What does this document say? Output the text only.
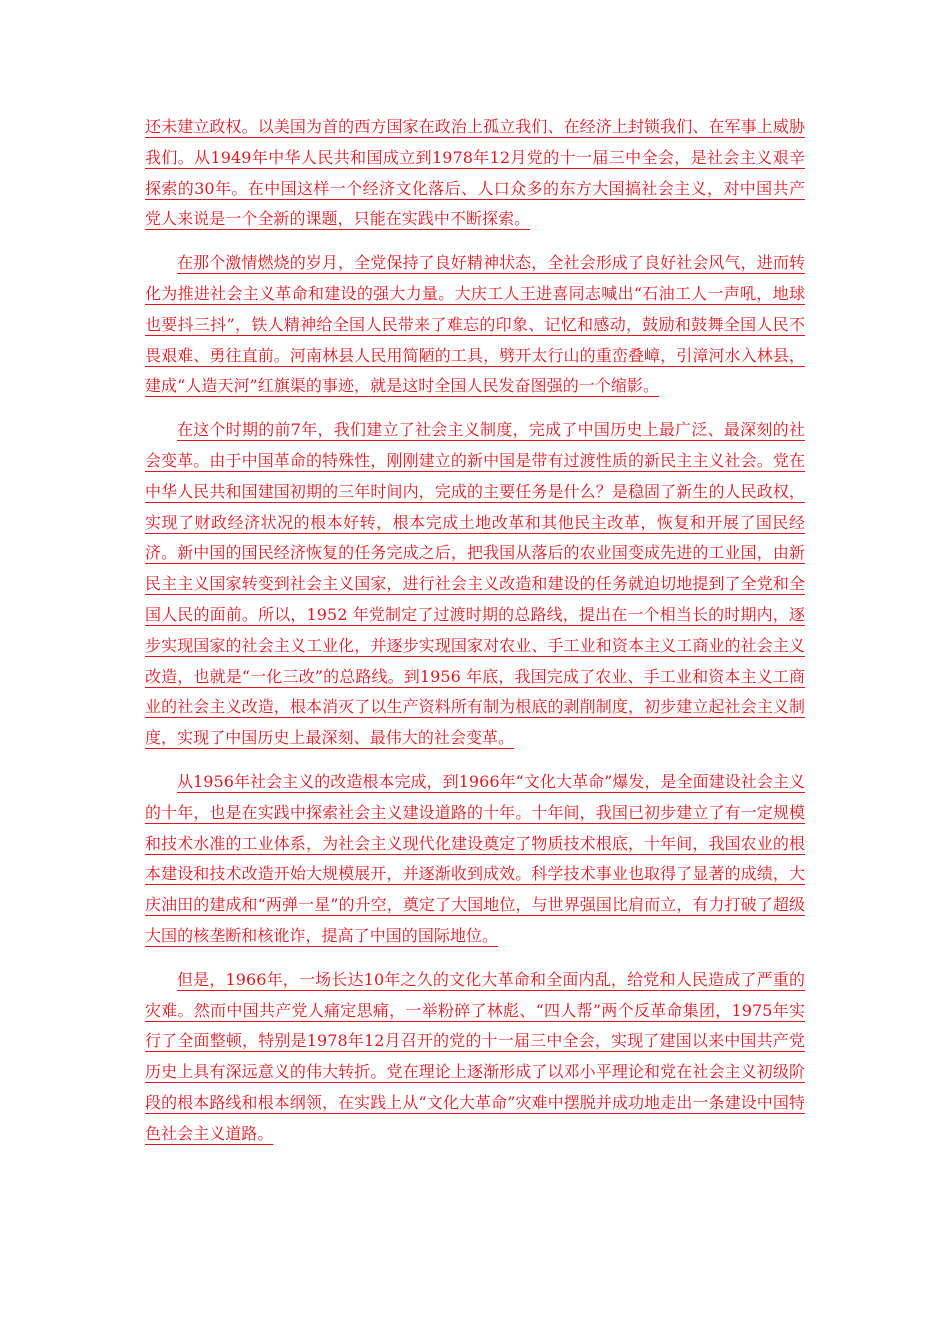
还未建立政权。以美国为首的西方国家在政治上孤立我们、在经济上封锁我们、在军事上威胁我们。从1949年中华人民共和国成立到1978年12月党的十一届三中全会，是社会主义艰辛探索的30年。在中国这样一个经济文化落后、人口众多的东方大国搞社会主义，对中国共产党人来说是一个全新的课题，只能在实践中不断探索。

在那个激情燃烧的岁月，全党保持了良好精神状态，全社会形成了良好社会风气，进而转化为推进社会主义革命和建设的强大力量。大庆工人王进喜同志喊出“石油工人一声吼，地球也要抖三抖”，铁人精神给全国人民带来了难忘的印象、记忆和感动，鼓励和鼓舞全国人民不畏艰难、勇往直前。河南林县人民用简陋的工具，劈开太行山的重峦叠嶂，引漳河水入林县，建成“人造天河”红旗渠的事迹，就是这时全国人民发奋图强的一个缩影。

在这个时期的前7年，我们建立了社会主义制度，完成了中国历史上最广泛、最深刻的社会变革。由于中国革命的特殊性，刚刚建立的新中国是带有过渡性质的新民主主义社会。党在中华人民共和国建国初期的三年时间内，完成的主要任务是什么？是稳固了新生的人民政权，实现了财政经济状况的根本好转，根本完成土地改革和其他民主改革，恢复和开展了国民经济。新中国的国民经济恢复的任务完成之后，把我国从落后的农业国变成先进的工业国，由新民主主义国家转变到社会主义国家，进行社会主义改造和建设的任务就迫切地提到了全党和全国人民的面前。所以，1952 年党制定了过渡时期的总路线，提出在一个相当长的时期内，逐步实现国家的社会主义工业化，并逐步实现国家对农业、手工业和资本主义工商业的社会主义改造，也就是“一化三改”的总路线。到1956 年底，我国完成了农业、手工业和资本主义工商业的社会主义改造，根本消灭了以生产资料所有制为根底的剥削制度，初步建立起社会主义制度，实现了中国历史上最深刻、最伟大的社会变革。

从1956年社会主义的改造根本完成，到1966年“文化大革命”爆发，是全面建设社会主义的十年，也是在实践中探索社会主义建设道路的十年。十年间，我国已初步建立了有一定规模和技术水准的工业体系，为社会主义现代化建设奠定了物质技术根底，十年间，我国农业的根本建设和技术改造开始大规模展开，并逐渐收到成效。科学技术事业也取得了显著的成绩，大庆油田的建成和“两弹一星”的升空，奠定了大国地位，与世界强国比肩而立，有力打破了超级大国的核垄断和核讹诈，提高了中国的国际地位。

但是，1966年，一场长达10年之久的文化大革命和全面内乱，给党和人民造成了严重的灾难。然而中国共产党人痛定思痛，一举粉碎了林彪、“四人帮”两个反革命集团，1975年实行了全面整顿，特别是1978年12月召开的党的十一届三中全会，实现了建国以来中国共产党历史上具有深远意义的伟大转折。党在理论上逐渐形成了以邓小平理论和党在社会主义初级阶段的根本路线和根本纲领，在实践上从“文化大革命”灾难中摆脱并成功地走出一条建设中国特色社会主义道路。
